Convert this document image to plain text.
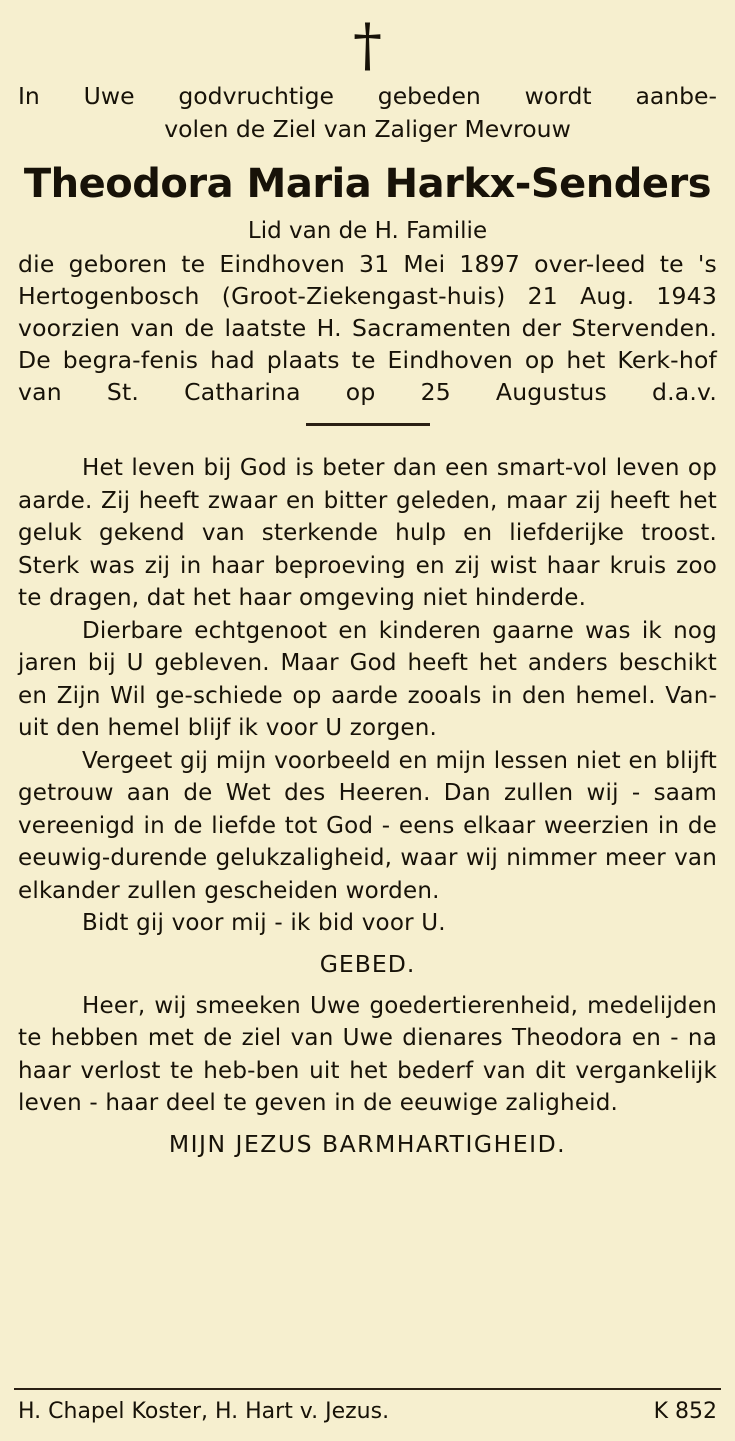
†

In Uwe godvruchtige gebeden wordt aanbe-
volen de Ziel van Zaliger Mevrouw

Theodora Maria Harkx-Senders
Lid van de H. Familie

die geboren te Eindhoven 31 Mei 1897 over-leed te 's Hertogenbosch (Groot-Ziekengast-huis) 21 Aug. 1943 voorzien van de laatste H. Sacramenten der Stervenden. De begra-fenis had plaats te Eindhoven op het Kerk-hof van St. Catharina op 25 Augustus d.a.v.

Het leven bij God is beter dan een smart-vol leven op aarde. Zij heeft zwaar en bitter geleden, maar zij heeft het geluk gekend van sterkende hulp en liefderijke troost. Sterk was zij in haar beproeving en zij wist haar kruis zoo te dragen, dat het haar omgeving niet hinderde.

Dierbare echtgenoot en kinderen gaarne was ik nog jaren bij U gebleven. Maar God heeft het anders beschikt en Zijn Wil ge-schiede op aarde zooals in den hemel. Van-uit den hemel blijf ik voor U zorgen.

Vergeet gij mijn voorbeeld en mijn lessen niet en blijft getrouw aan de Wet des Heeren. Dan zullen wij - saam vereenigd in de liefde tot God - eens elkaar weerzien in de eeuwig-durende gelukzaligheid, waar wij nimmer meer van elkander zullen gescheiden worden.

Bidt gij voor mij - ik bid voor U.

GEBED.

Heer, wij smeeken Uwe goedertierenheid, medelijden te hebben met de ziel van Uwe dienares Theodora en - na haar verlost te heb-ben uit het bederf van dit vergankelijk leven - haar deel te geven in de eeuwige zaligheid.

MIJN JEZUS BARMHARTIGHEID.
H. Chapel Koster, H. Hart v. Jezus.	K 852
